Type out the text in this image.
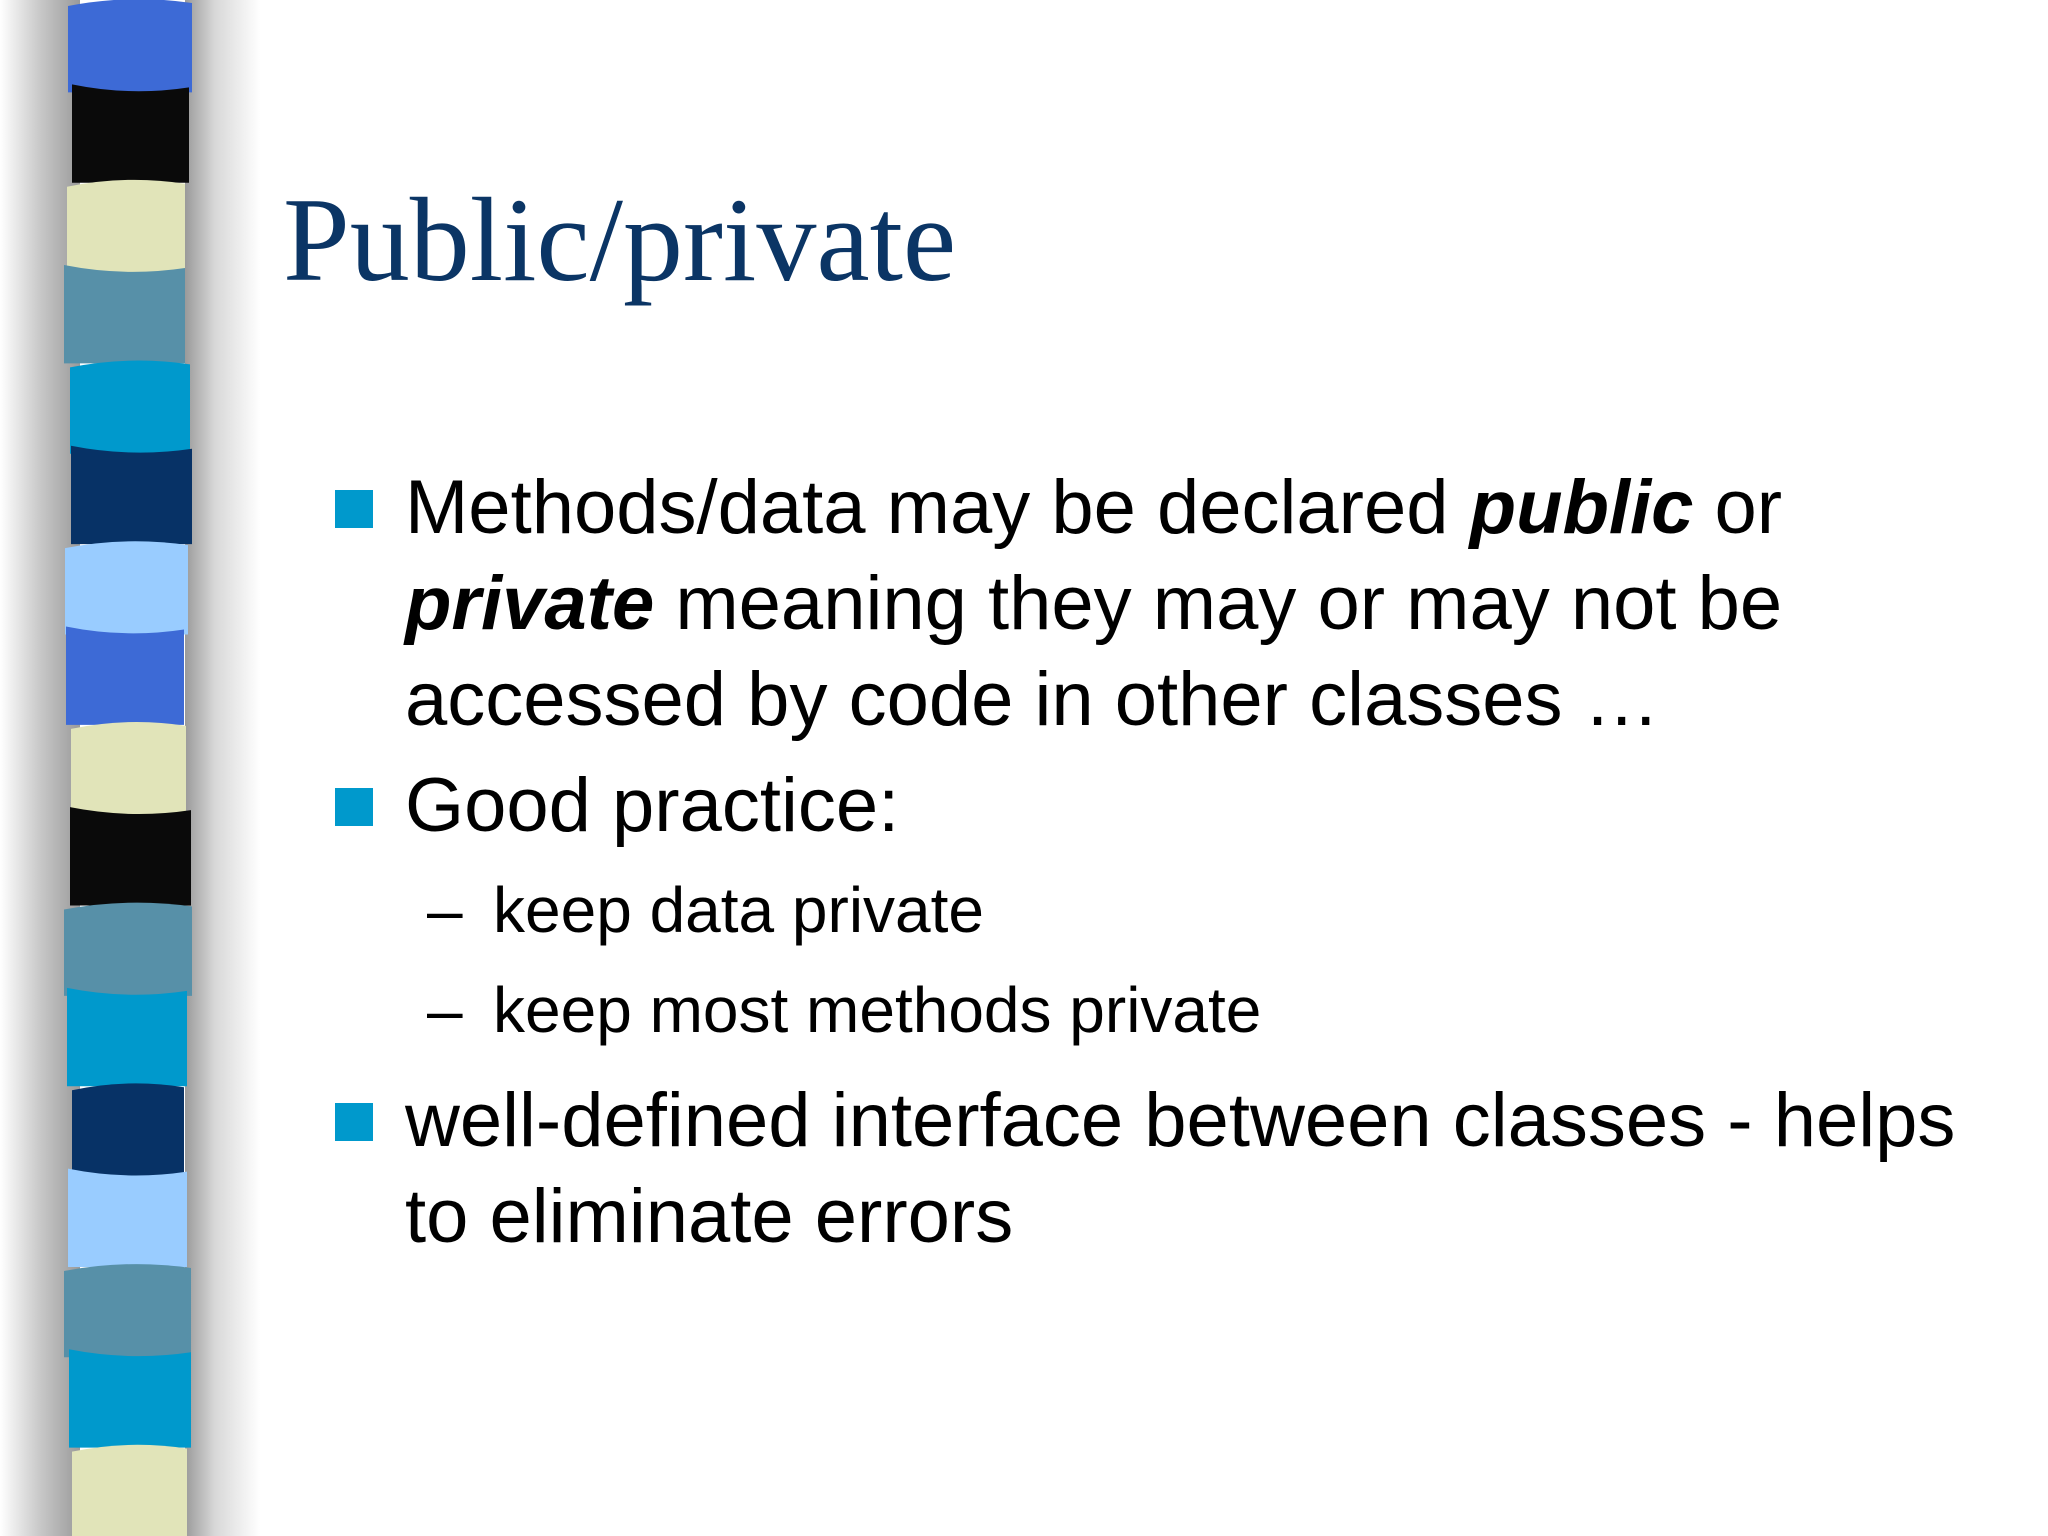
Public/private
Methods/data may be declared public or private meaning they may or may not be accessed by code in other classes …
Good practice:
– keep data private
– keep most methods private
well-defined interface between classes - helps to eliminate errors
